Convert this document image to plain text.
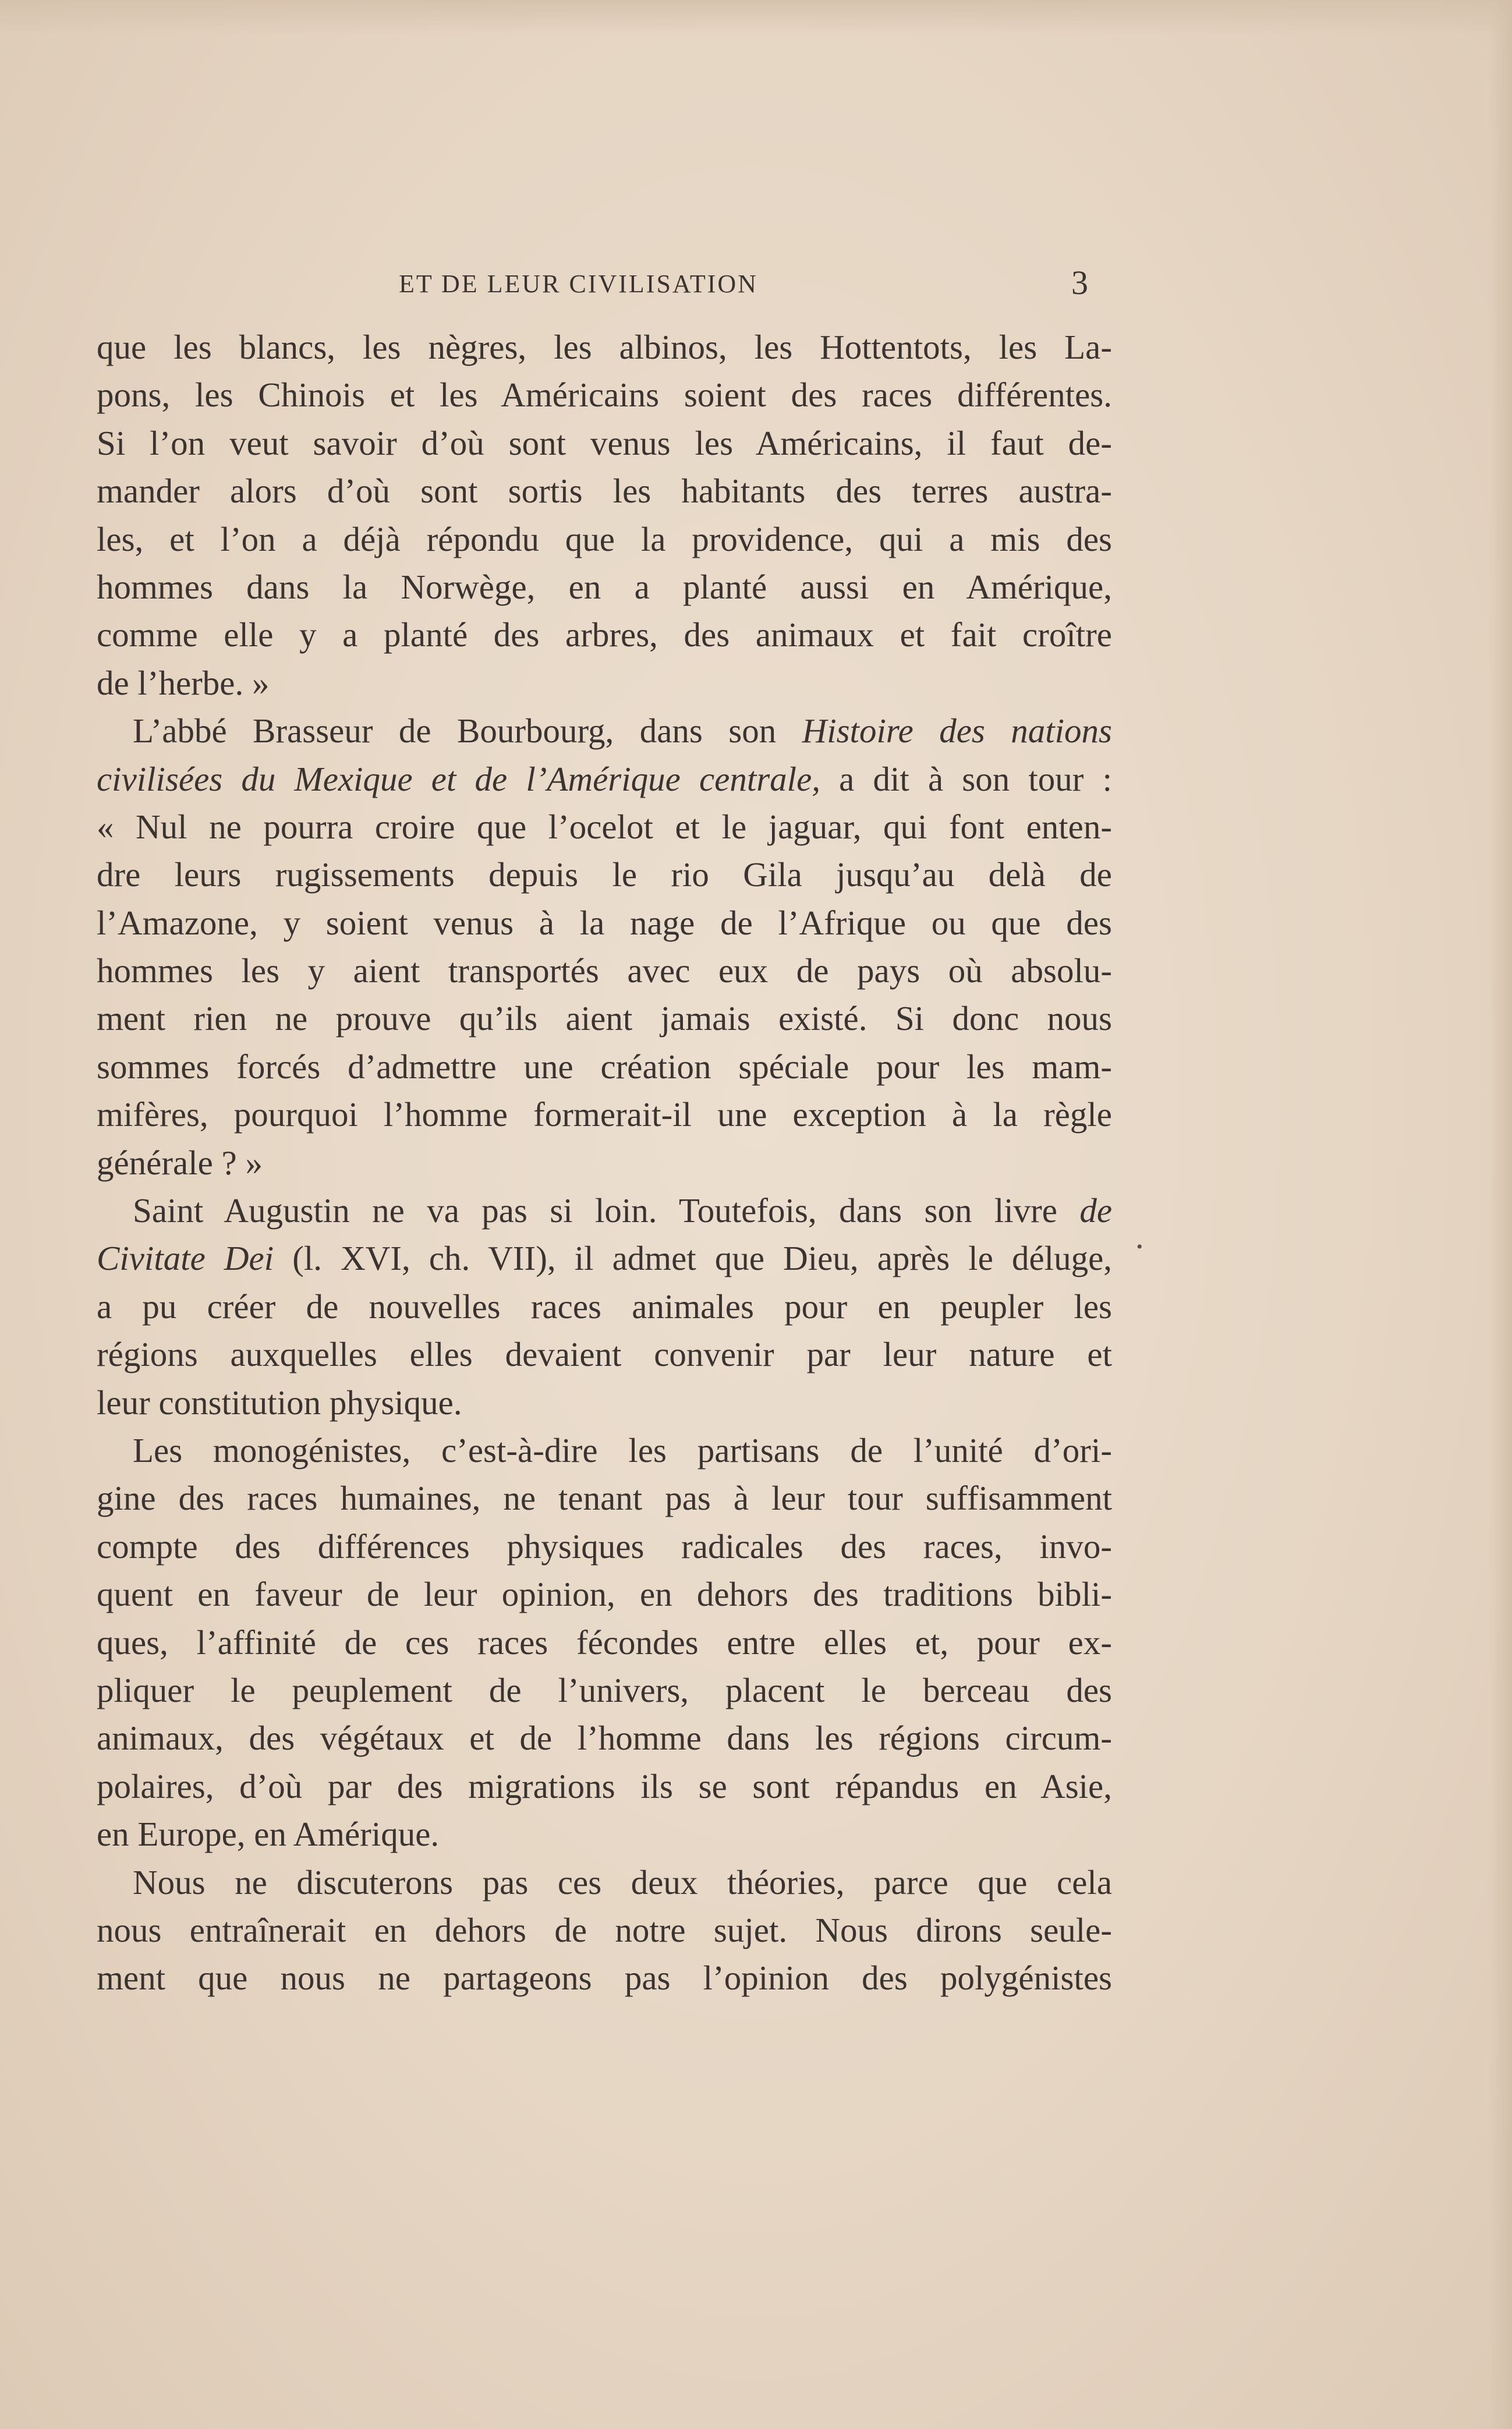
ET DE LEUR CIVILISATION	3
•
que les blancs, les nègres, les albinos, les Hottentots, les La-
pons, les Chinois et les Américains soient des races différentes.
Si l’on veut savoir d’où sont venus les Américains, il faut de-
mander alors d’où sont sortis les habitants des terres austra-
les, et l’on a déjà répondu que la providence, qui a mis des
hommes dans la Norwège, en a planté aussi en Amérique,
comme elle y a planté des arbres, des animaux et fait croître
de l’herbe. »
L’abbé Brasseur de Bourbourg, dans son Histoire des nations
civilisées du Mexique et de l’Amérique centrale, a dit à son tour :
« Nul ne pourra croire que l’ocelot et le jaguar, qui font enten-
dre leurs rugissements depuis le rio Gila jusqu’au delà de
l’Amazone, y soient venus à la nage de l’Afrique ou que des
hommes les y aient transportés avec eux de pays où absolu-
ment rien ne prouve qu’ils aient jamais existé. Si donc nous
sommes forcés d’admettre une création spéciale pour les mam-
mifères, pourquoi l’homme formerait-il une exception à la règle
générale ? »
Saint Augustin ne va pas si loin. Toutefois, dans son livre de
Civitate Dei (l. XVI, ch. VII), il admet que Dieu, après le déluge,
a pu créer de nouvelles races animales pour en peupler les
régions auxquelles elles devaient convenir par leur nature et
leur constitution physique.
Les monogénistes, c’est-à-dire les partisans de l’unité d’ori-
gine des races humaines, ne tenant pas à leur tour suffisamment
compte des différences physiques radicales des races, invo-
quent en faveur de leur opinion, en dehors des traditions bibli-
ques, l’affinité de ces races fécondes entre elles et, pour ex-
pliquer le peuplement de l’univers, placent le berceau des
animaux, des végétaux et de l’homme dans les régions circum-
polaires, d’où par des migrations ils se sont répandus en Asie,
en Europe, en Amérique.
Nous ne discuterons pas ces deux théories, parce que cela
nous entraînerait en dehors de notre sujet. Nous dirons seule-
ment que nous ne partageons pas l’opinion des polygénistes
